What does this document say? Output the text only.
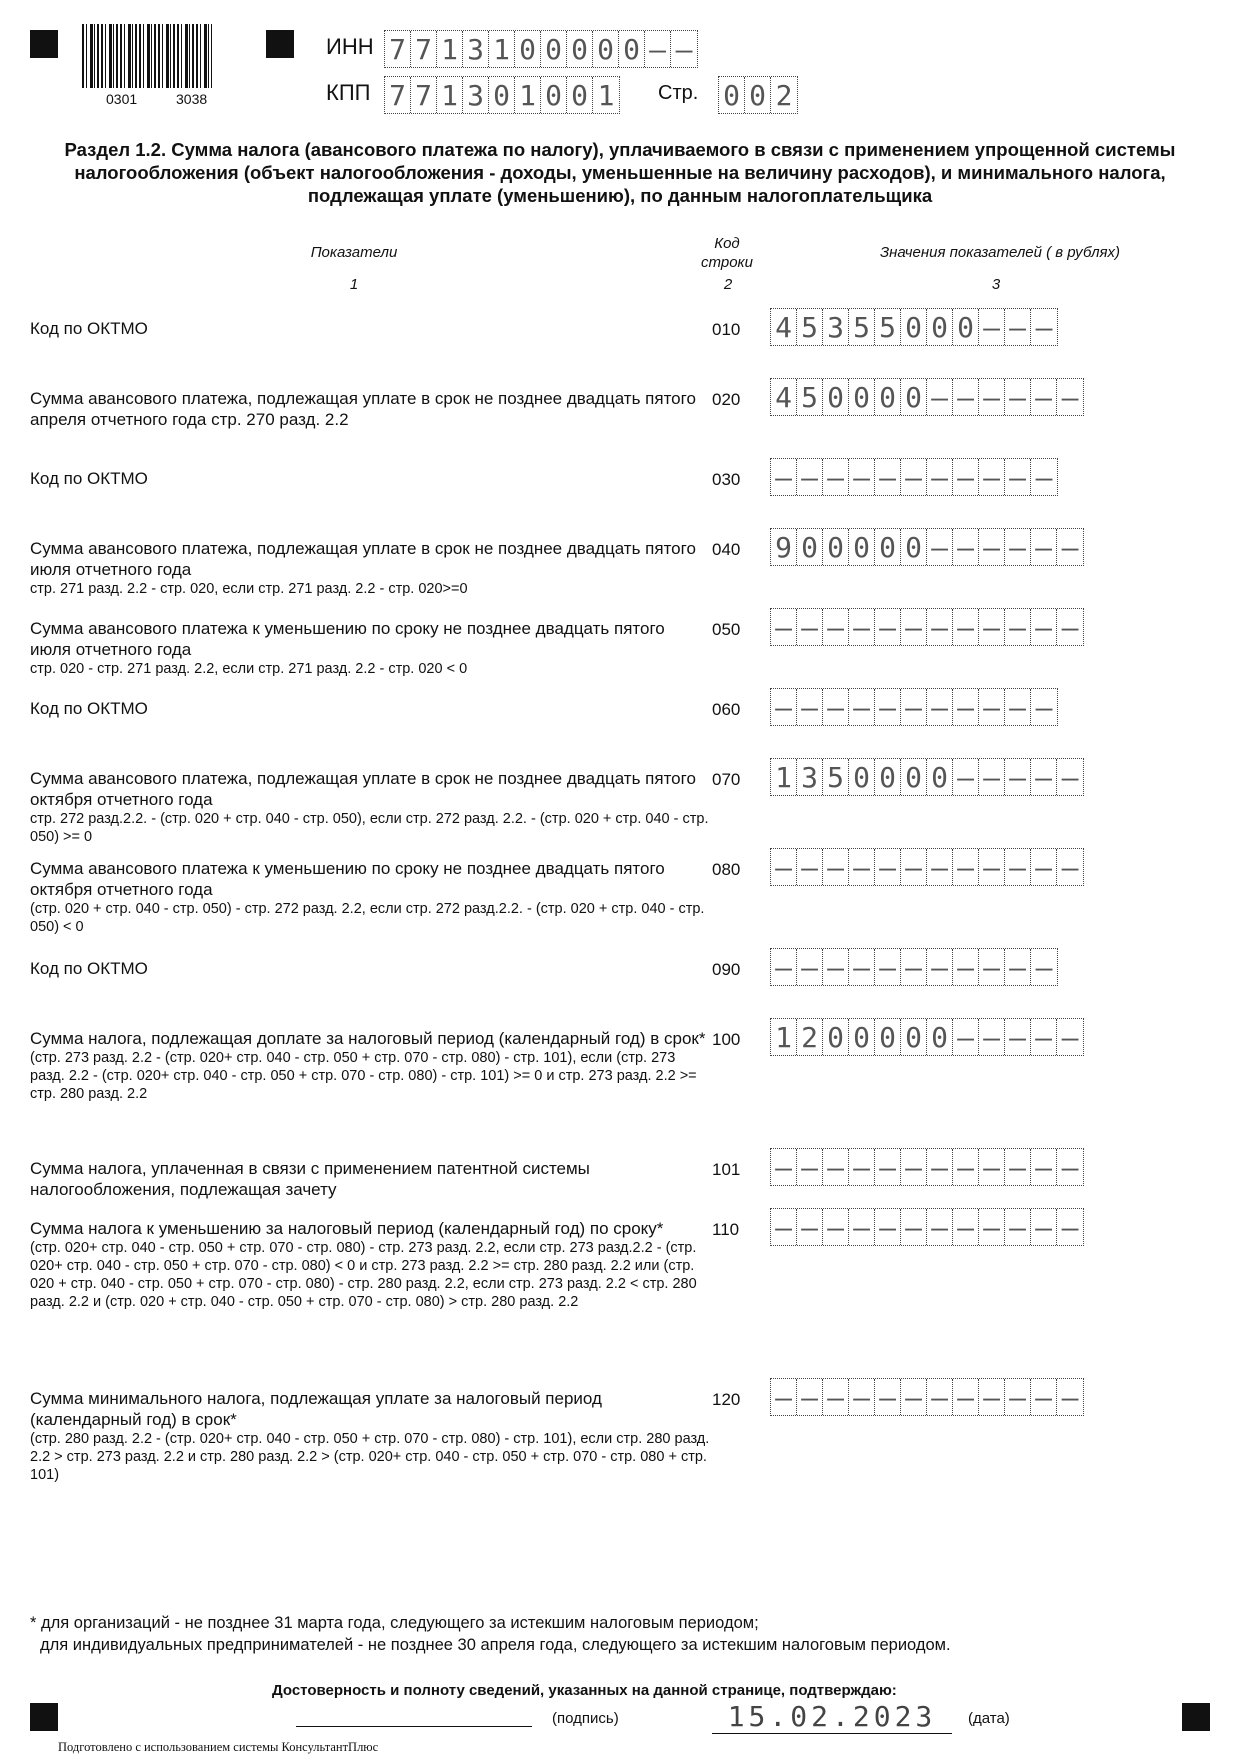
0301	3038
ИНН 7 7 1 3 1 0 0 0 0 0 – –
КПП 7 7 1 3 0 1 0 0 1 Стр. 0 0 2
Раздел 1.2. Сумма налога (авансового платежа по налогу), уплачиваемого в связи с применением упрощенной системы налогообложения (объект налогообложения - доходы, уменьшенные на величину расходов), и минимального налога, подлежащая уплате (уменьшению), по данным налогоплательщика
Показатели
Код строки
Значения показателей ( в рублях)
1	2	3
Код по ОКТМО	010 4 5 3 5 5 0 0 0 – – –
Сумма авансового платежа, подлежащая уплате в срок не позднее двадцать пятого апреля отчетного года стр. 270 разд. 2.2
020 4 5 0 0 0 0 – – – – – –
Код по ОКТМО	030 – – – – – – – – – – –
Сумма авансового платежа, подлежащая уплате в срок не позднее двадцать пятого июля отчетного года
стр. 271 разд. 2.2 - стр. 020, если стр. 271 разд. 2.2 - стр. 020>=0
040 9 0 0 0 0 0 – – – – – –
Сумма авансового платежа к уменьшению по сроку не позднее двадцать пятого июля отчетного года
стр. 020 - стр. 271 разд. 2.2, если стр. 271 разд. 2.2 - стр. 020 < 0
050 – – – – – – – – – – – –
Код по ОКТМО	060 – – – – – – – – – – –
Сумма авансового платежа, подлежащая уплате в срок не позднее двадцать пятого октября отчетного года
стр. 272 разд.2.2. - (стр. 020 + стр. 040 - стр. 050), если стр. 272 разд. 2.2. - (стр. 020 + стр. 040 - стр. 050) >= 0
070 1 3 5 0 0 0 0 – – – – –
Сумма авансового платежа к уменьшению по сроку не позднее двадцать пятого октября отчетного года
(стр. 020 + стр. 040 - стр. 050) - стр. 272 разд. 2.2, если стр. 272 разд.2.2. - (стр. 020 + стр. 040 - стр. 050) < 0
080 – – – – – – – – – – – –
Код по ОКТМО	090 – – – – – – – – – – –
Сумма налога, подлежащая доплате за налоговый период (календарный год) в срок*
(стр. 273 разд. 2.2 - (стр. 020+ стр. 040 - стр. 050 + стр. 070 - стр. 080) - стр. 101), если (стр. 273 разд. 2.2 - (стр. 020+ стр. 040 - стр. 050 + стр. 070 - стр. 080) - стр. 101) >= 0 и стр. 273 разд. 2.2 >= стр. 280 разд. 2.2
100 1 2 0 0 0 0 0 – – – – –
Сумма налога, уплаченная в связи с применением патентной системы налогообложения, подлежащая зачету
101 – – – – – – – – – – – –
Сумма налога к уменьшению за налоговый период (календарный год) по сроку*
(стр. 020+ стр. 040 - стр. 050 + стр. 070 - стр. 080) - стр. 273 разд. 2.2, если стр. 273 разд.2.2 - (стр. 020+ стр. 040 - стр. 050 + стр. 070 - стр. 080) < 0 и стр. 273 разд. 2.2 >= стр. 280 разд. 2.2 или (стр. 020 + стр. 040 - стр. 050 + стр. 070 - стр. 080) - стр. 280 разд. 2.2, если стр. 273 разд. 2.2 < стр. 280 разд. 2.2 и (стр. 020 + стр. 040 - стр. 050 + стр. 070 - стр. 080) > стр. 280 разд. 2.2
110 – – – – – – – – – – – –
Сумма минимального налога, подлежащая уплате за налоговый период (календарный год) в срок*
(стр. 280 разд. 2.2 - (стр. 020+ стр. 040 - стр. 050 + стр. 070 - стр. 080) - стр. 101), если стр. 280 разд. 2.2 > стр. 273 разд. 2.2 и стр. 280 разд. 2.2 > (стр. 020+ стр. 040 - стр. 050 + стр. 070 - стр. 080 + стр. 101)
120 – – – – – – – – – – – –
* для организаций - не позднее 31 марта года, следующего за истекшим налоговым периодом;
для индивидуальных предпринимателей - не позднее 30 апреля года, следующего за истекшим налоговым периодом.
Достоверность и полноту сведений, указанных на данной странице, подтверждаю:
(подпись)	15.02.2023	(дата)
Подготовлено с использованием системы КонсультантПлюс
